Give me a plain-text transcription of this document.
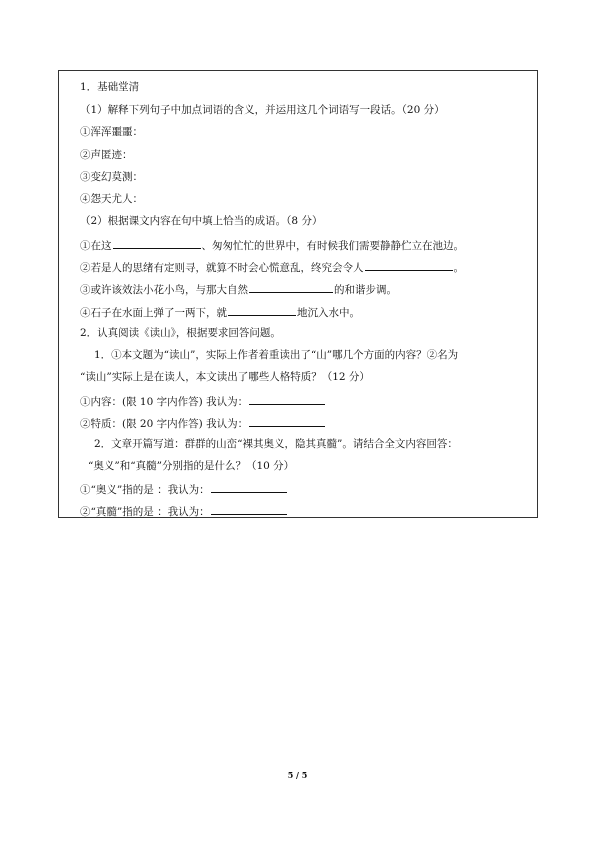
1．基础堂清
（1）解释下列句子中加点词语的含义，并运用这几个词语写一段话。（20 分）
①浑浑噩噩：
②声匿迹：
③变幻莫测：
④怨天尤人：
（2）根据课文内容在句中填上恰当的成语。（8 分）
①在这	、匆匆忙忙的世界中，有时候我们需要静静伫立在池边。
②若是人的思绪有定则寻，就算不时会心慌意乱，终究会令人	。
③或许该效法小花小鸟，与那大自然	的和谐步调。
④石子在水面上弹了一两下，就	地沉入水中。
2．认真阅读《读山》，根据要求回答问题。
1．①本文题为“读山”，实际上作者着重读出了“山”哪几个方面的内容？②名为
“读山”实际上是在读人，本文读出了哪些人格特质？（12 分）
①内容：(限 10 字内作答) 我认为：
②特质：(限 20 字内作答) 我认为：
2．文章开篇写道：群群的山峦“裸其奥义，隐其真髓”。请结合全文内容回答：
“奥义”和“真髓”分别指的是什么？（10 分）
①“奥义”指的是 ：我认为：
②“真髓”指的是 ：我认为：
5 / 5
